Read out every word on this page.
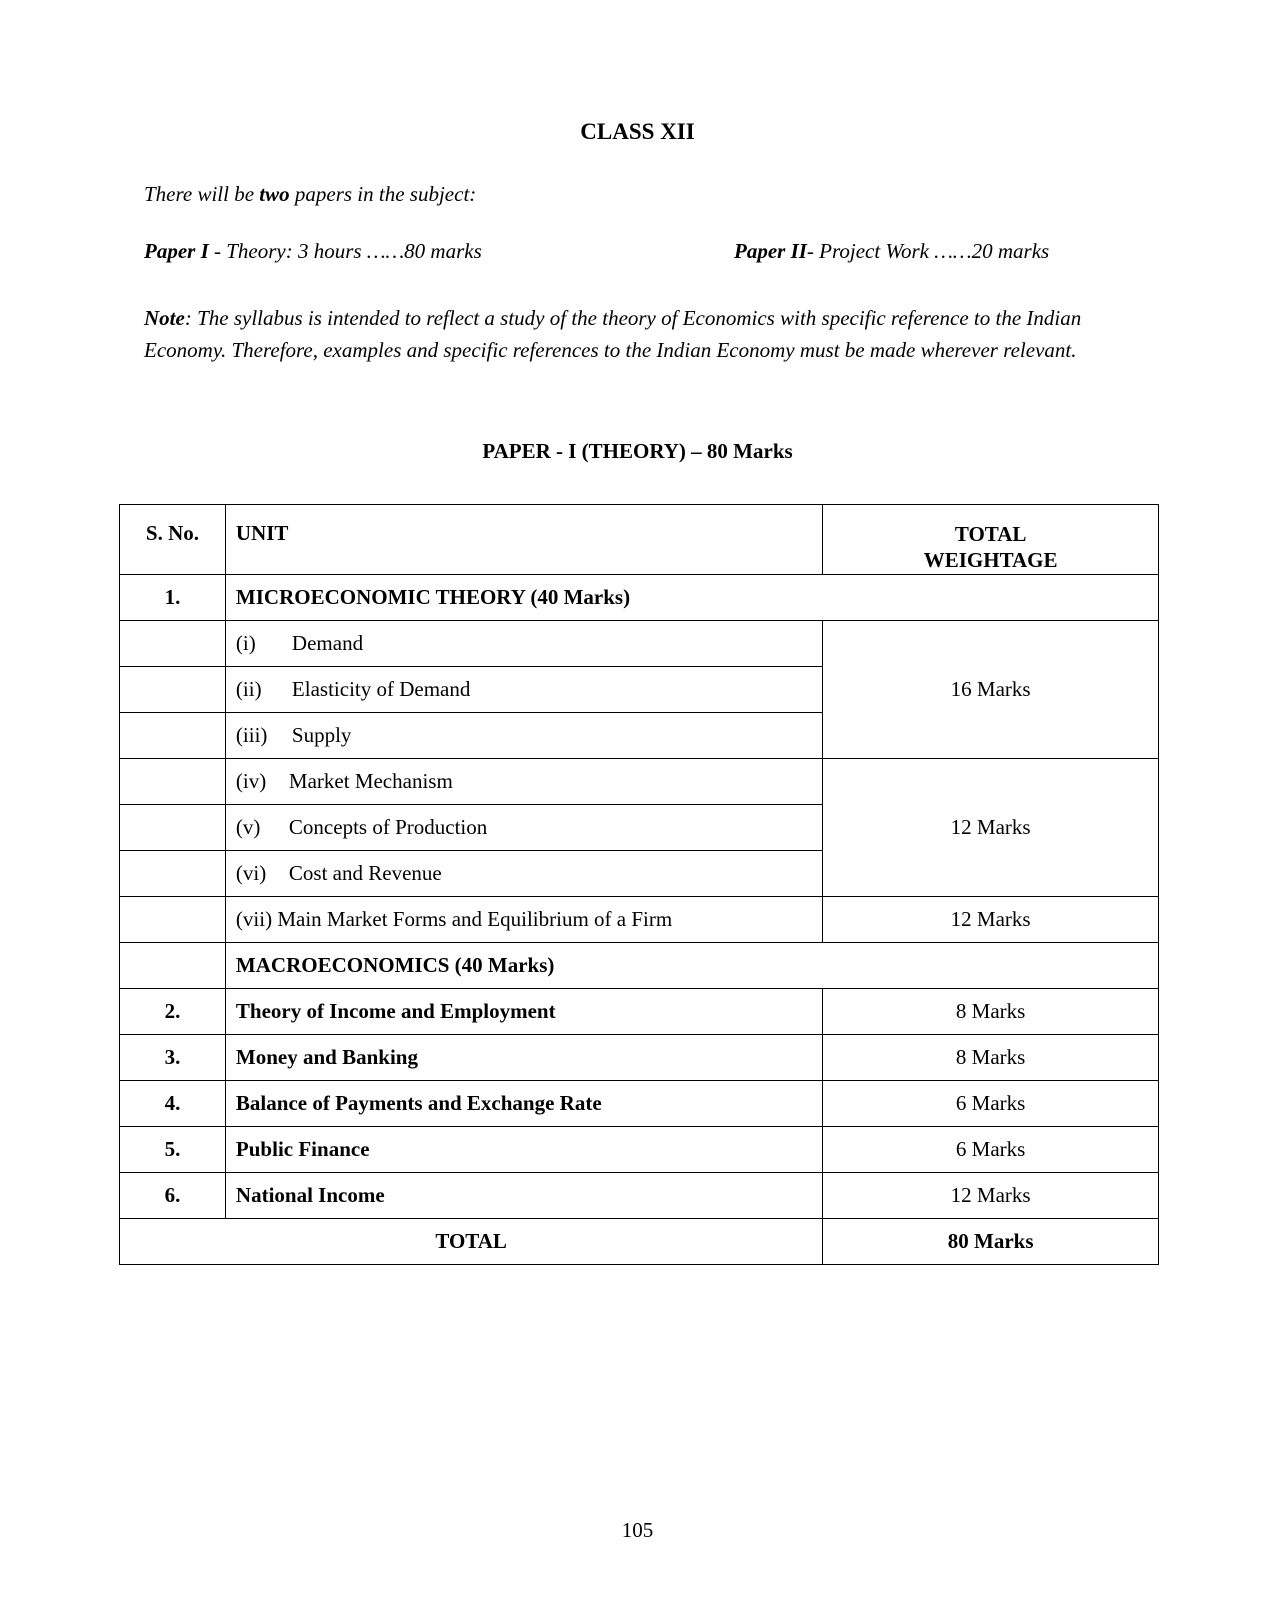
CLASS XII
There will be two papers in the subject:
Paper I - Theory: 3 hours ……80 marks	Paper II- Project Work ……20 marks
Note: The syllabus is intended to reflect a study of the theory of Economics with specific reference to the Indian Economy. Therefore, examples and specific references to the Indian Economy must be made wherever relevant.
PAPER - I (THEORY) – 80 Marks
S. No.	UNIT	TOTAL
WEIGHTAGE
1.	MICROECONOMIC THEORY (40 Marks)	
	(i) Demand	16 Marks
	(ii) Elasticity of Demand	
	(iii) Supply	
	(iv) Market Mechanism	12 Marks
	(v) Concepts of Production	
	(vi) Cost and Revenue	
	(vii) Main Market Forms and Equilibrium of a Firm	12 Marks
	MACROECONOMICS (40 Marks)	
2.	Theory of Income and Employment	8 Marks
3.	Money and Banking	8 Marks
4.	Balance of Payments and Exchange Rate	6 Marks
5.	Public Finance	6 Marks
6.	National Income	12 Marks
TOTAL		80 Marks
105
